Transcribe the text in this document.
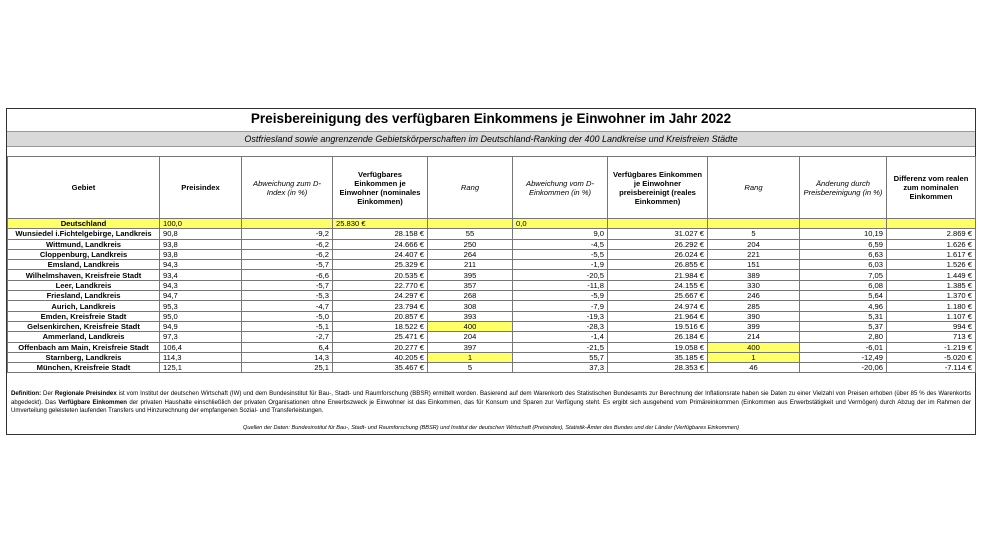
Preisbereinigung des verfügbaren Einkommens je Einwohner im Jahr 2022
Ostfriesland sowie angrenzende Gebietskörperschaften im Deutschland-Ranking der 400 Landkreise und Kreisfreien Städte
Gebiet	Preisindex	Abweichung zum D-Index (in %)	Verfügbares Einkommen je Einwohner (nominales Einkommen)	Rang	Abweichung vom D-Einkommen (in %)	Verfügbares Einkommen je Einwohner preisbereinigt (reales Einkommen)	Rang	Änderung durch Preisbereinigung (in %)	Differenz vom realen zum nominalen Einkommen
Deutschland	100,0		25.830 €		0,0				
Wunsiedel i.Fichtelgebirge, Landkreis	90,8	-9,2	28.158 €	55	9,0	31.027 €	5	10,19	2.869 €
Wittmund, Landkreis	93,8	-6,2	24.666 €	250	-4,5	26.292 €	204	6,59	1.626 €
Cloppenburg, Landkreis	93,8	-6,2	24.407 €	264	-5,5	26.024 €	221	6,63	1.617 €
Emsland, Landkreis	94,3	-5,7	25.329 €	211	-1,9	26.855 €	151	6,03	1.526 €
Wilhelmshaven, Kreisfreie Stadt	93,4	-6,6	20.535 €	395	-20,5	21.984 €	389	7,05	1.449 €
Leer, Landkreis	94,3	-5,7	22.770 €	357	-11,8	24.155 €	330	6,08	1.385 €
Friesland, Landkreis	94,7	-5,3	24.297 €	268	-5,9	25.667 €	246	5,64	1.370 €
Aurich, Landkreis	95,3	-4,7	23.794 €	308	-7,9	24.974 €	285	4,96	1.180 €
Emden, Kreisfreie Stadt	95,0	-5,0	20.857 €	393	-19,3	21.964 €	390	5,31	1.107 €
Gelsenkirchen, Kreisfreie Stadt	94,9	-5,1	18.522 €	400	-28,3	19.516 €	399	5,37	994 €
Ammerland, Landkreis	97,3	-2,7	25.471 €	204	-1,4	26.184 €	214	2,80	713 €
Offenbach am Main, Kreisfreie Stadt	106,4	6,4	20.277 €	397	-21,5	19.058 €	400	-6,01	-1.219 €
Starnberg, Landkreis	114,3	14,3	40.205 €	1	55,7	35.185 €	1	-12,49	-5.020 €
München, Kreisfreie Stadt	125,1	25,1	35.467 €	5	37,3	28.353 €	46	-20,06	-7.114 €
Definition: Der Regionale Preisindex ist vom Institut der deutschen Wirtschaft (IW) und dem Bundesinstitut für Bau-, Stadt- und Raumforschung (BBSR) ermittelt worden. Basierend auf dem Warenkorb des Statistischen Bundesamts zur Berechnung der Inflationsrate haben sie Daten zu einer Vielzahl von Preisen erhoben (über 85 % des Warenkorbs abgedeckt). Das Verfügbare Einkommen der privaten Haushalte einschließlich der privaten Organisationen ohne Erwerbszweck je Einwohner ist das Einkommen, das für Konsum und Sparen zur Verfügung steht. Es ergibt sich ausgehend vom Primäreinkommen (Einkommen aus Erwerbstätigkeit und Vermögen) durch Abzug der im Rahmen der Umverteilung geleisteten laufenden Transfers und Hinzurechnung der empfangenen Sozial- und Transferleistungen.
Quellen der Daten: Bundesinstitut für Bau-, Stadt- und Raumforschung (BBSR) und Institut der deutschen Wirtschaft (Preisindex), Statistik-Ämter des Bundes und der Länder (Verfügbares Einkommen)
